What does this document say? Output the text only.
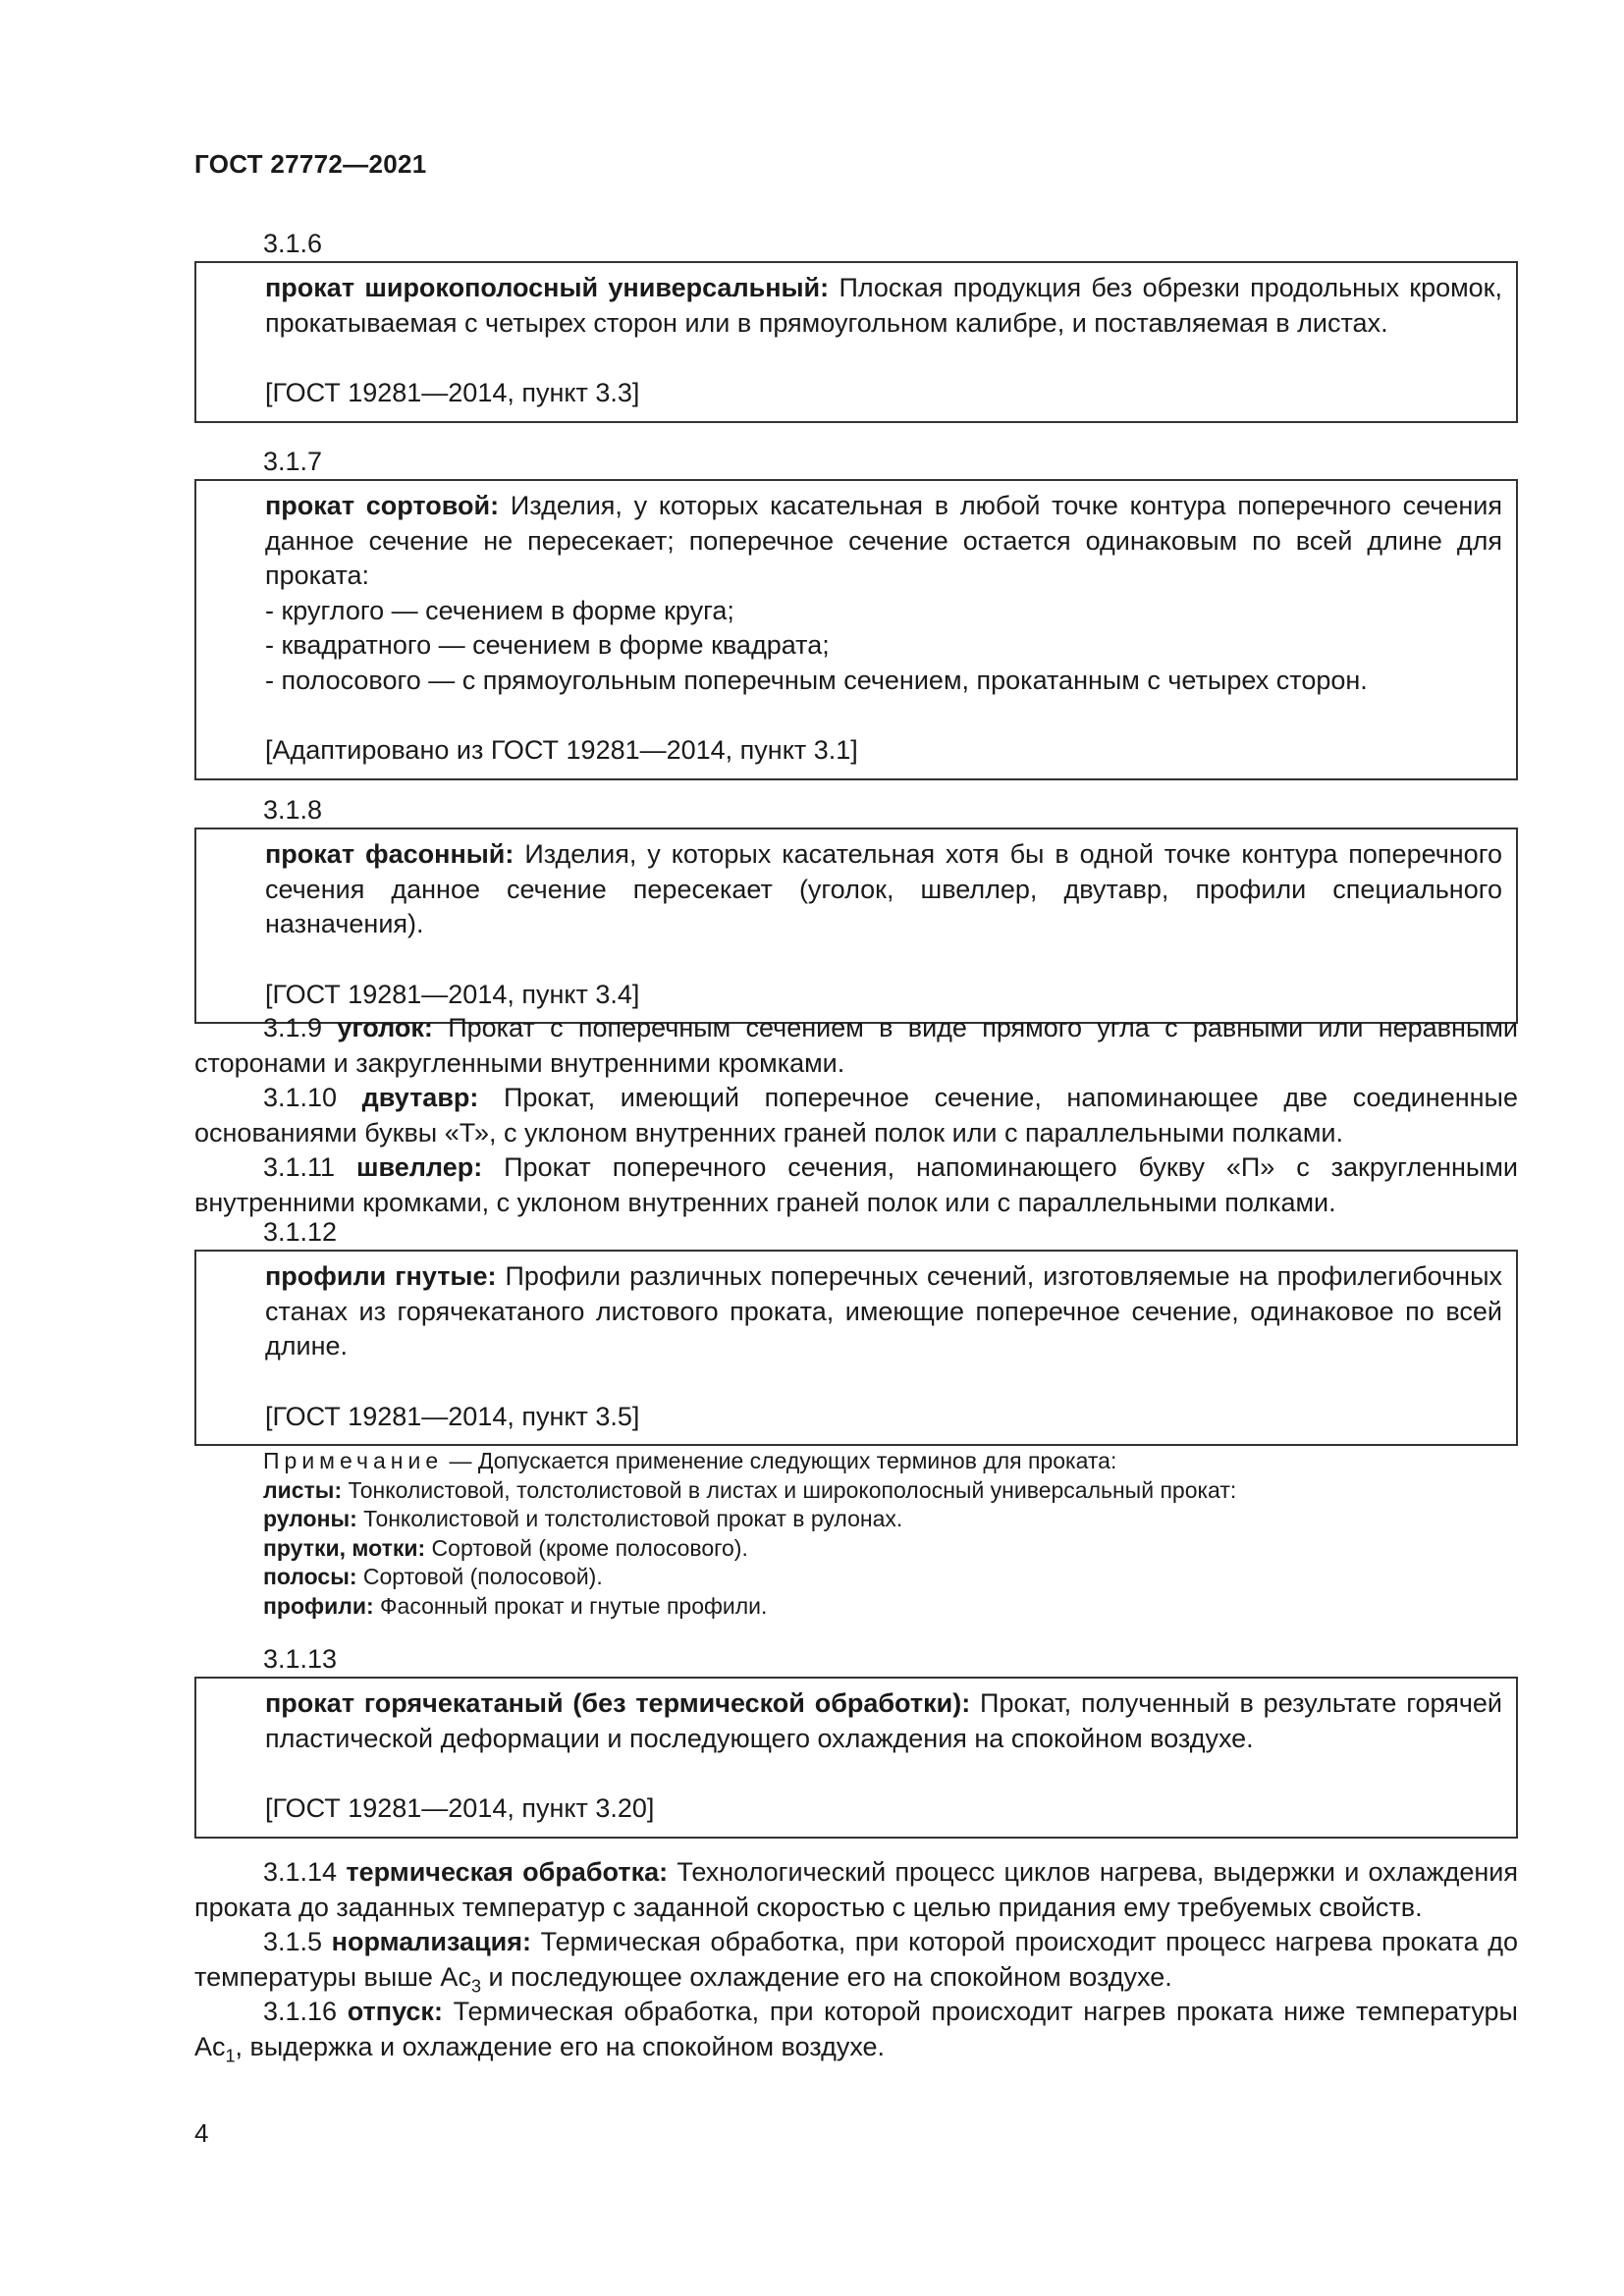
ГОСТ 27772—2021

3.1.6

прокат широкополосный универсальный: Плоская продукция без обрезки продольных кромок, прокатываемая с четырех сторон или в прямоугольном калибре, и поставляемая в листах.

[ГОСТ 19281—2014, пункт 3.3]

3.1.7

прокат сортовой: Изделия, у которых касательная в любой точке контура поперечного сечения данное сечение не пересекает; поперечное сечение остается одинаковым по всей длине для проката:

- круглого — сечением в форме круга;

- квадратного — сечением в форме квадрата;

- полосового — с прямоугольным поперечным сечением, прокатанным с четырех сторон.

[Адаптировано из ГОСТ 19281—2014, пункт 3.1]

3.1.8

прокат фасонный: Изделия, у которых касательная хотя бы в одной точке контура поперечного сечения данное сечение пересекает (уголок, швеллер, двутавр, профили специального назначения).

[ГОСТ 19281—2014, пункт 3.4]

3.1.9 уголок: Прокат с поперечным сечением в виде прямого угла с равными или неравными сторонами и закругленными внутренними кромками.

3.1.10 двутавр: Прокат, имеющий поперечное сечение, напоминающее две соединенные основаниями буквы «Т», с уклоном внутренних граней полок или с параллельными полками.

3.1.11 швеллер: Прокат поперечного сечения, напоминающего букву «П» с закругленными внутренними кромками, с уклоном внутренних граней полок или с параллельными полками.

3.1.12

профили гнутые: Профили различных поперечных сечений, изготовляемые на профилегибочных станах из горячекатаного листового проката, имеющие поперечное сечение, одинаковое по всей длине.

[ГОСТ 19281—2014, пункт 3.5]

Примечание — Допускается применение следующих терминов для проката:

листы: Тонколистовой, толстолистовой в листах и широкополосный универсальный прокат:

рулоны: Тонколистовой и толстолистовой прокат в рулонах.

прутки, мотки: Сортовой (кроме полосового).

полосы: Сортовой (полосовой).

профили: Фасонный прокат и гнутые профили.

3.1.13

прокат горячекатаный (без термической обработки): Прокат, полученный в результате горячей пластической деформации и последующего охлаждения на спокойном воздухе.

[ГОСТ 19281—2014, пункт 3.20]

3.1.14 термическая обработка: Технологический процесс циклов нагрева, выдержки и охлаждения проката до заданных температур с заданной скоростью с целью придания ему требуемых свойств.

3.1.5 нормализация: Термическая обработка, при которой происходит процесс нагрева проката до температуры выше $Ac_3$ и последующее охлаждение его на спокойном воздухе.

3.1.16 отпуск: Термическая обработка, при которой происходит нагрев проката ниже температуры $Ac_1$, выдержка и охлаждение его на спокойном воздухе.

4
